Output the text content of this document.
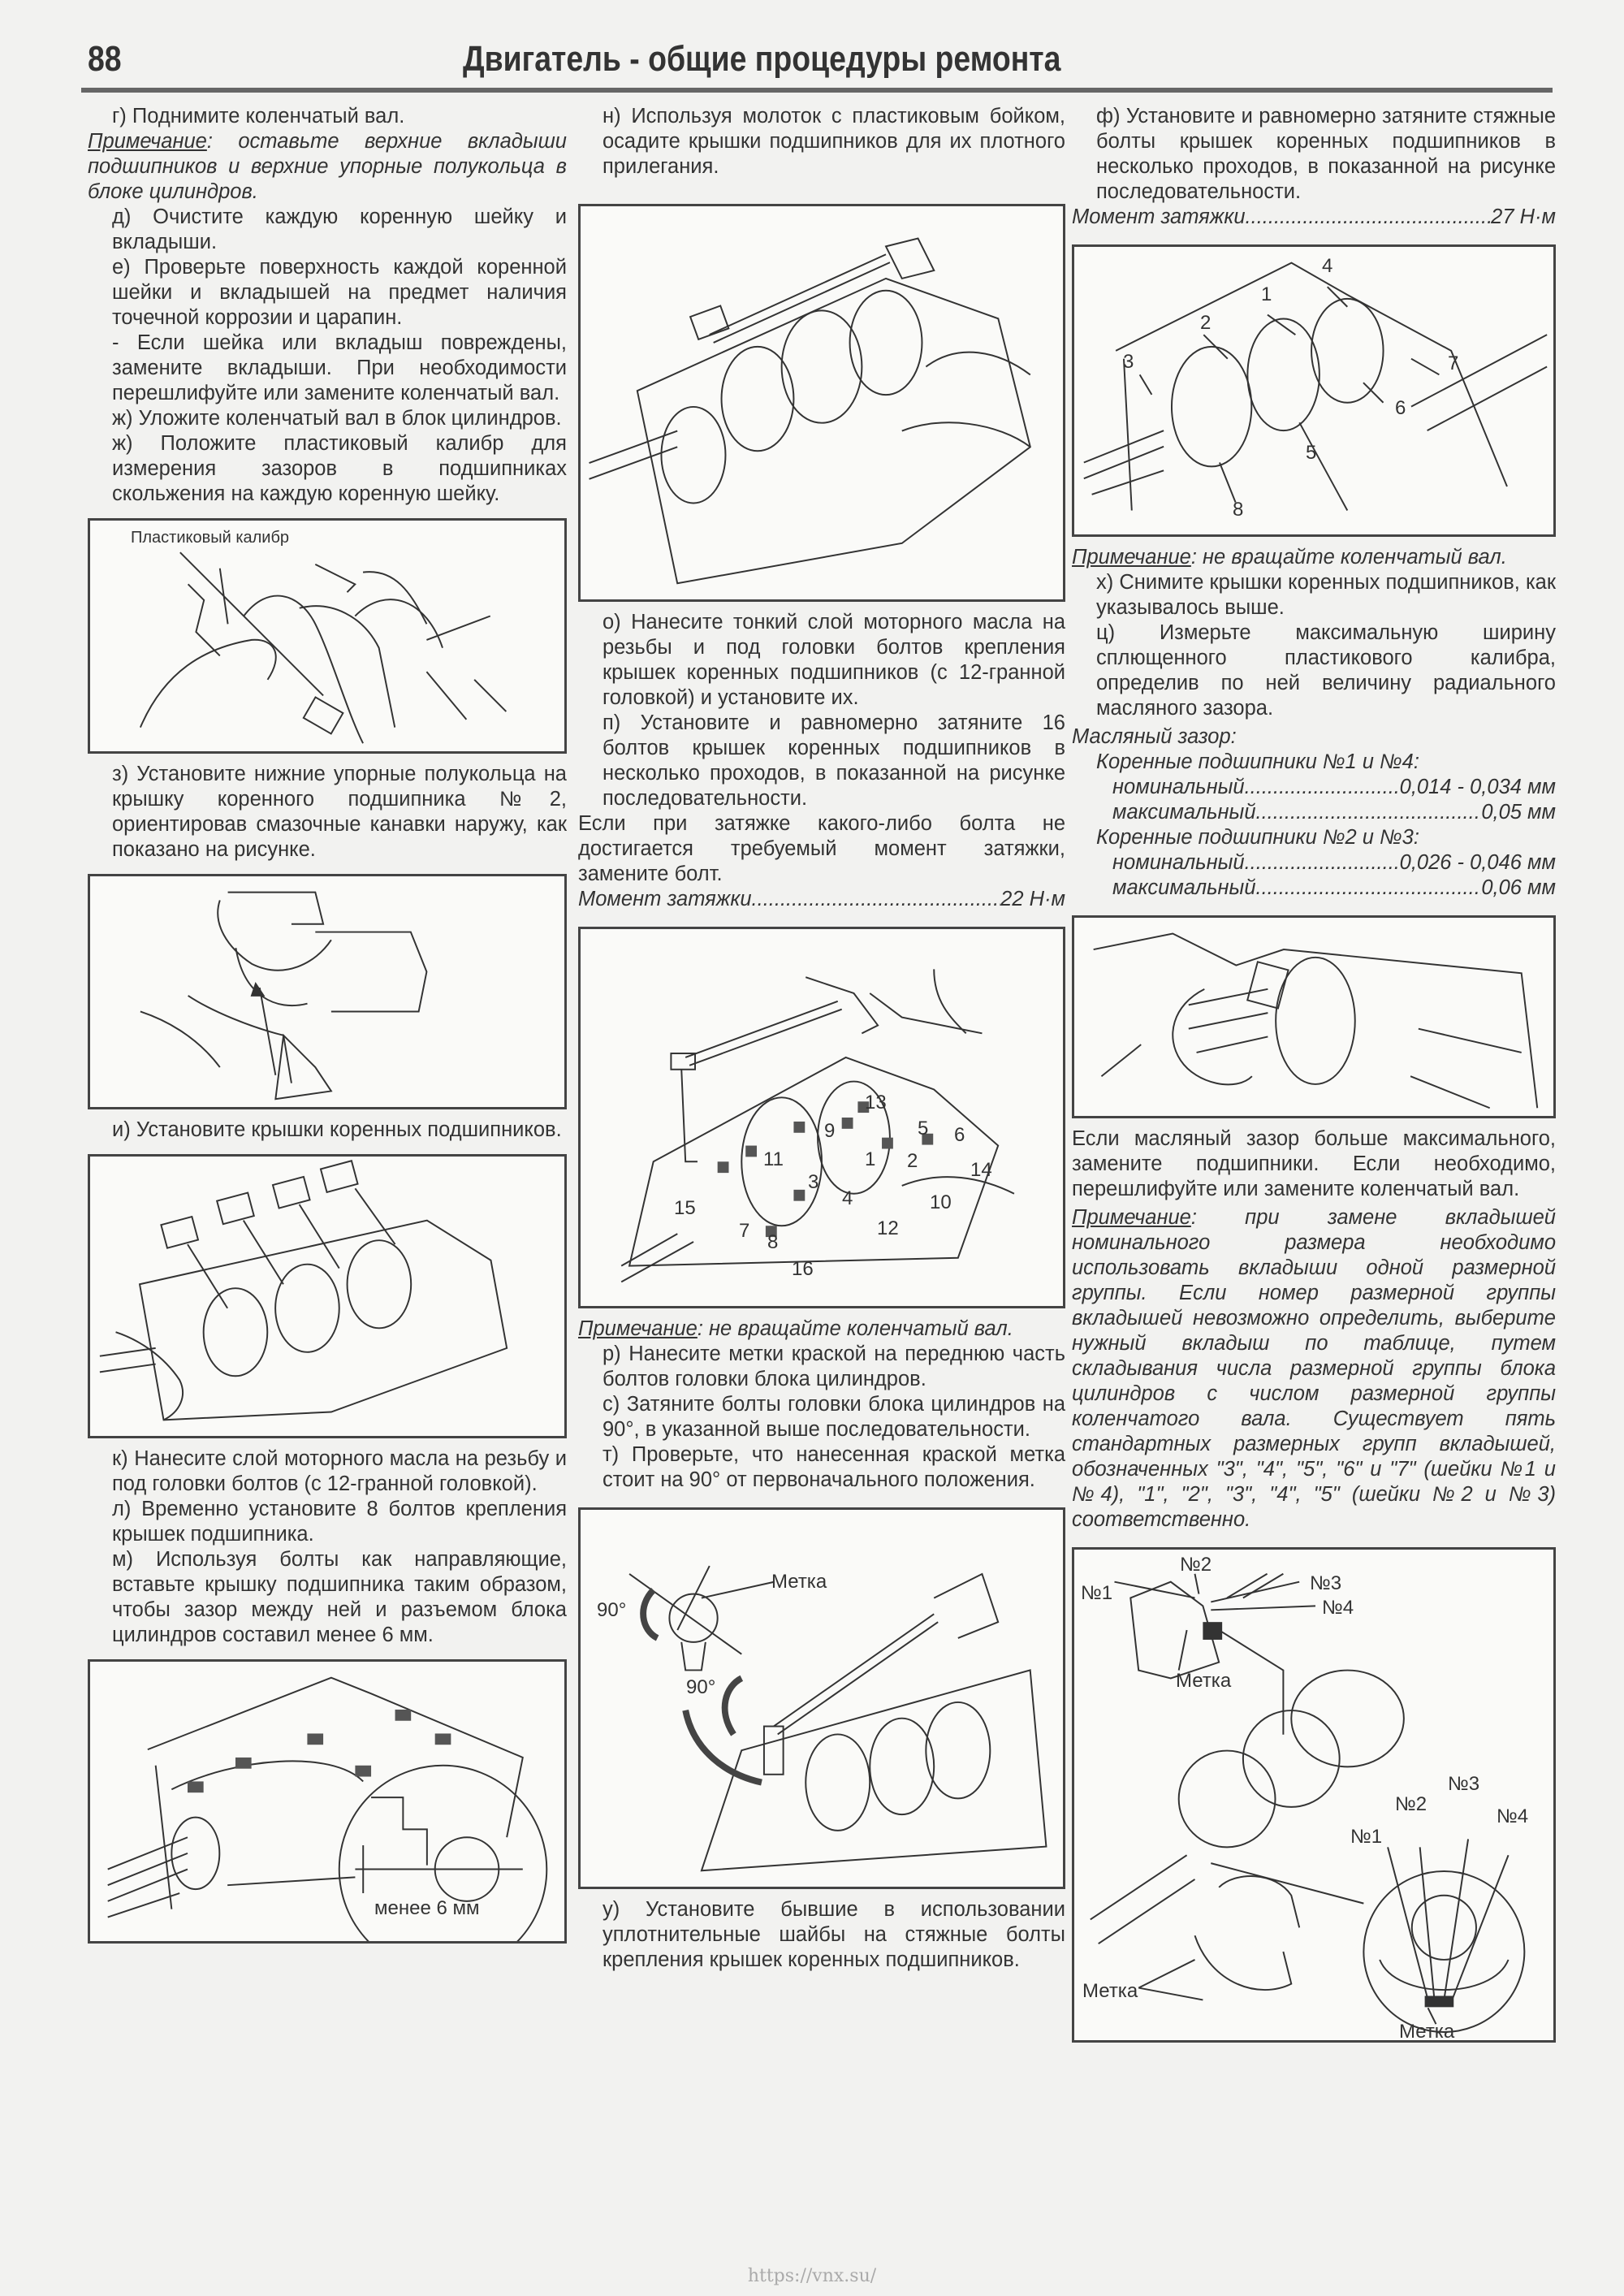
88	Двигатель - общие процедуры ремонта

г) Поднимите коленчатый вал.

Примечание: оставьте верхние вкладыши подшипников и верхние упорные полукольца в блоке цилиндров.

д) Очистите каждую коренную шейку и вкладыши.

е) Проверьте поверхность каждой коренной шейки и вкладышей на предмет наличия точечной коррозии и царапин.

- Если шейка или вкладыш повреждены, замените вкладыши. При необходимости перешлифуйте или замените коленчатый вал.

ж) Уложите коленчатый вал в блок цилиндров.

ж) Положите пластиковый калибр для измерения зазоров в подшипниках скольжения на каждую коренную шейку.

Пластиковый калибр

з) Установите нижние упорные полукольца на крышку коренного подшипника №2, ориентировав смазочные канавки наружу, как показано на рисунке.

и) Установите крышки коренных подшипников.

к) Нанесите слой моторного масла на резьбу и под головки болтов (с 12-гранной головкой).

л) Временно установите 8 болтов крепления крышек подшипника.

м) Используя болты как направляющие, вставьте крышку подшипника таким образом, чтобы зазор между ней и разъемом блока цилиндров составил менее 6 мм.

менее 6 мм

н) Используя молоток с пластиковым бойком, осадите крышки подшипников для их плотного прилегания.

о) Нанесите тонкий слой моторного масла на резьбы и под головки болтов крепления крышек коренных подшипников (с 12-гранной головкой) и установите их.

п) Установите и равномерно затяните 16 болтов крышек коренных подшипников в несколько проходов, в показанной на рисунке последовательности.

Если при затяжке какого-либо болта не достигается требуемый момент затяжки, замените болт.

Момент затяжки .....	22 Н·м
13
9	5 6
11	1 2	14
3
4	10
15
12
7
8
16

Примечание: не вращайте коленчатый вал.

р) Нанесите метки краской на переднюю часть болтов головки блока цилиндров.

с) Затяните болты головки блока цилиндров на 90°, в указанной выше последовательности.

т) Проверьте, что нанесенная краской метка стоит на 90° от первоначального положения.

90°
90°
Метка

у) Установите бывшие в использовании уплотнительные шайбы на стяжные болты крепления крышек коренных подшипников.

ф) Установите и равномерно затяните стяжные болты крышек коренных подшипников в несколько проходов, в показанной на рисунке последовательности.

Момент затяжки .....	27 Н·м
4
1
2
3	7
6
5
8

Примечание: не вращайте коленчатый вал.

х) Снимите крышки коренных подшипников, как указывалось выше.

ц) Измерьте максимальную ширину сплющенного пластикового калибра, определив по ней величину радиального масляного зазора.

Масляный зазор:

Коренные подшипники №1 и №4:

номинальный .....	0,014 - 0,034 мм
максимальный .....	0,05 мм

Коренные подшипники №2 и №3:

номинальный .....	0,026 - 0,046 мм
максимальный .....	0,06 мм

Если масляный зазор больше максимального, замените подшипники. Если необходимо, перешлифуйте или замените коленчатый вал.

Примечание: при замене вкладышей номинального размера необходимо использовать вкладыши одной размерной группы. Если номер размерной группы вкладышей невозможно определить, выберите нужный вкладыш по таблице, путем складывания числа размерной группы блока цилиндров с числом размерной группы коленчатого вала. Существует пять стандартных размерных групп вкладышей, обозначенных "3", "4", "5", "6" и "7" (шейки №1 и №4), "1", "2", "3", "4", "5" (шейки №2 и №3) соответственно.

№1
№2
№3
№4
Метка
№1
№2
№3
№4
Метка
Метка
https://vnx.su/
